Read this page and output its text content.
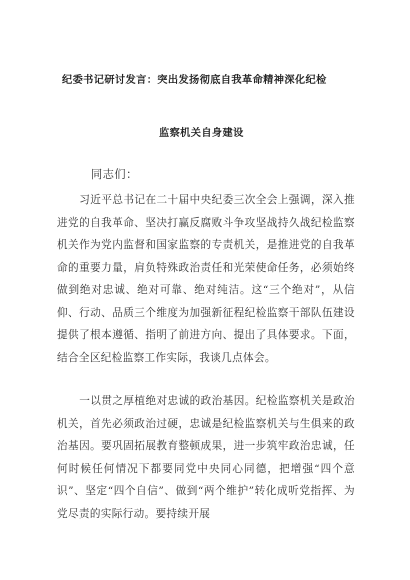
纪委书记研讨发言：突出发扬彻底自我革命精神深化纪检
监察机关自身建设
同志们：
习近平总书记在二十届中央纪委三次全会上强调，深入推进党的自我革命、坚决打赢反腐败斗争攻坚战持久战纪检监察机关作为党内监督和国家监察的专责机关，是推进党的自我革命的重要力量，肩负特殊政治责任和光荣使命任务，必须始终做到绝对忠诚、绝对可靠、绝对纯洁。这“三个绝对”，从信仰、行动、品质三个维度为加强新征程纪检监察干部队伍建设提供了根本遵循、指明了前进方向、提出了具体要求。下面，结合全区纪检监察工作实际，我谈几点体会。
一以贯之厚植绝对忠诚的政治基因。纪检监察机关是政治机关，首先必须政治过硬，忠诚是纪检监察机关与生俱来的政治基因。要巩固拓展教育整顿成果，进一步筑牢政治忠诚，任何时候任何情况下都要同党中央同心同德，把增强“四个意识”、坚定“四个自信”、做到“两个维护”转化成听党指挥、为党尽责的实际行动。要持续开展
